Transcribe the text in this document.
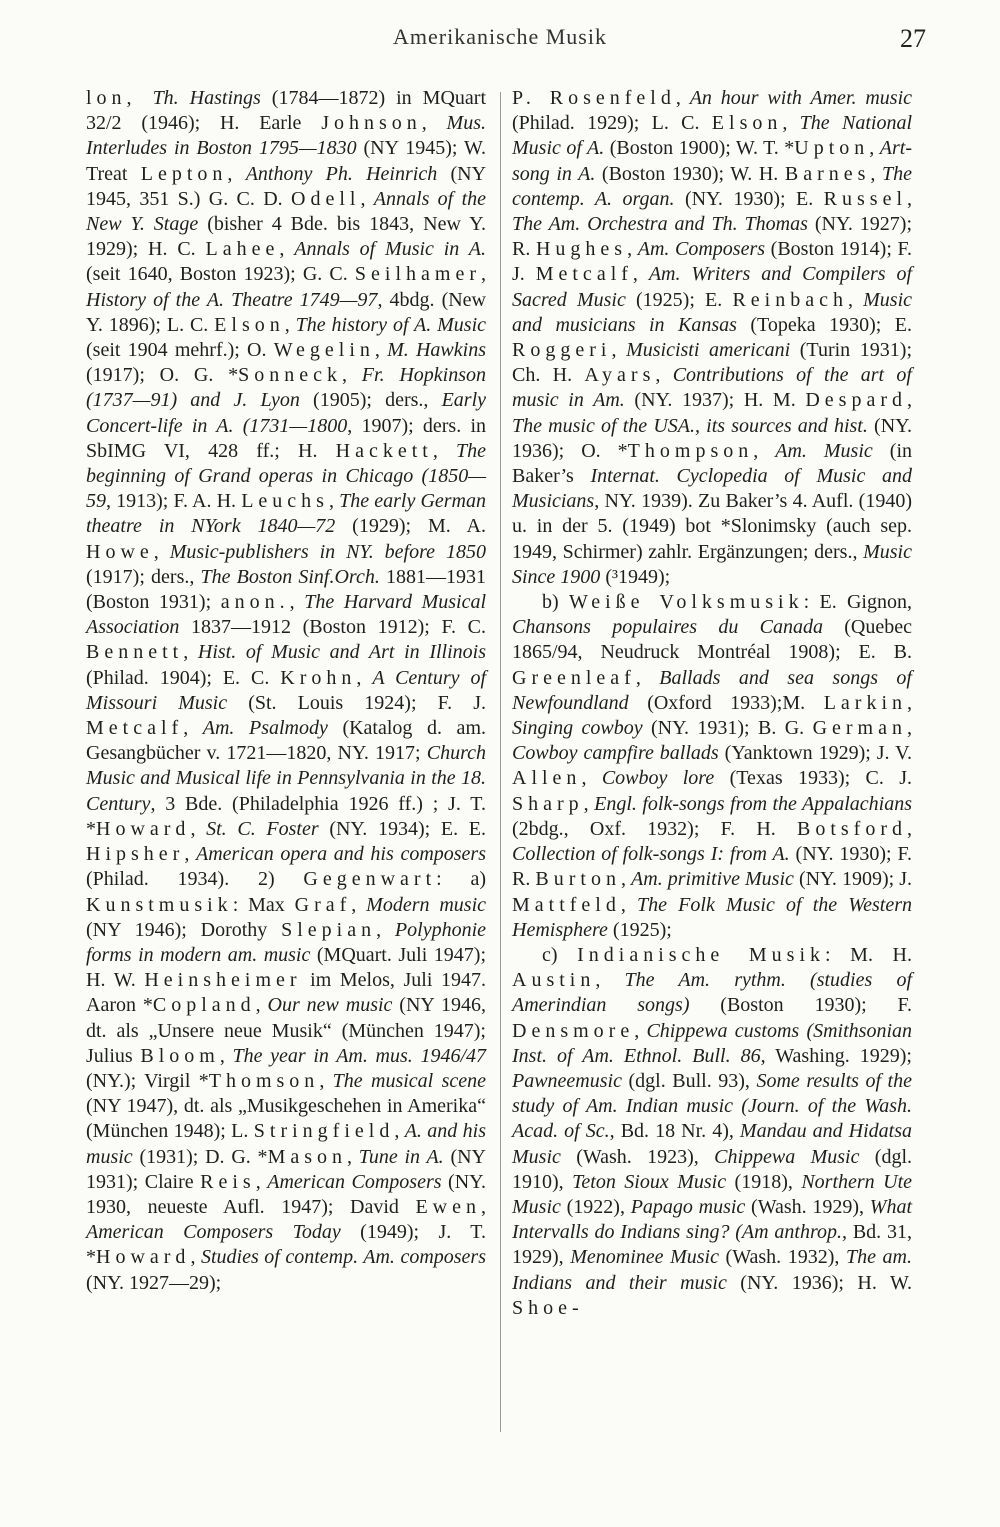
Amerikanische Musik	27

lon, Th. Hastings (1784—1872) in MQuart 32/2 (1946); H. Earle Johnson, Mus. Interludes in Boston 1795—1830 (NY 1945); W. Treat Lepton, Anthony Ph. Heinrich (NY 1945, 351 S.) G. C. D. Odell, Annals of the New Y. Stage (bisher 4 Bde. bis 1843, New Y. 1929); H. C. Lahee, Annals of Music in A. (seit 1640, Boston 1923); G. C. Seilhamer, History of the A. Theatre 1749—97, 4bdg. (New Y. 1896); L. C. Elson, The history of A. Music (seit 1904 mehrf.); O. Wegelin, M. Hawkins (1917); O. G. *Sonneck, Fr. Hopkinson (1737—91) and J. Lyon (1905); ders., Early Concert-life in A. (1731—1800, 1907); ders. in SbIMG VI, 428 ff.; H. Hackett, The beginning of Grand operas in Chicago (1850—59, 1913); F. A. H. Leuchs, The early German theatre in NYork 1840—72 (1929); M. A. Howe, Music-publishers in NY. before 1850 (1917); ders., The Boston Sinf.Orch. 1881—1931 (Boston 1931); anon., The Harvard Musical Association 1837—1912 (Boston 1912); F. C. Bennett, Hist. of Music and Art in Illinois (Philad. 1904); E. C. Krohn, A Century of Missouri Music (St. Louis 1924); F. J. Metcalf, Am. Psalmody (Katalog d. am. Gesangbücher v. 1721—1820, NY. 1917; Church Music and Musical life in Pennsylvania in the 18. Century, 3 Bde. (Philadelphia 1926 ff.) ; J. T. *Howard, St. C. Foster (NY. 1934); E. E. Hipsher, American opera and his composers (Philad. 1934). 2) Gegenwart: a) Kunstmusik: Max Graf, Modern music (NY 1946); Dorothy Slepian, Polyphonie forms in modern am. music (MQuart. Juli 1947); H. W. Heinsheimer im Melos, Juli 1947. Aaron *Copland, Our new music (NY 1946, dt. als „Unsere neue Musik“ (München 1947); Julius Bloom, The year in Am. mus. 1946/47 (NY.); Virgil *Thomson, The musical scene (NY 1947), dt. als „Musikgeschehen in Amerika“ (München 1948); L. Stringfield, A. and his music (1931); D. G. *Mason, Tune in A. (NY 1931); Claire Reis, American Composers (NY. 1930, neueste Aufl. 1947); David Ewen, American Composers Today (1949); J. T. *Howard, Studies of contemp. Am. composers (NY. 1927—29);

P. Rosenfeld, An hour with Amer. music (Philad. 1929); L. C. Elson, The National Music of A. (Boston 1900); W. T. *Upton, Art-song in A. (Boston 1930); W. H. Barnes, The contemp. A. organ. (NY. 1930); E. Russel, The Am. Orchestra and Th. Thomas (NY. 1927); R. Hughes, Am. Composers (Boston 1914); F. J. Metcalf, Am. Writers and Compilers of Sacred Music (1925); E. Reinbach, Music and musicians in Kansas (Topeka 1930); E. Roggeri, Musicisti americani (Turin 1931); Ch. H. Ayars, Contributions of the art of music in Am. (NY. 1937); H. M. Despard, The music of the USA., its sources and hist. (NY. 1936); O. *Thompson, Am. Music (in Baker’s Internat. Cyclopedia of Music and Musicians, NY. 1939). Zu Baker’s 4. Aufl. (1940) u. in der 5. (1949) bot *Slonimsky (auch sep. 1949, Schirmer) zahlr. Ergänzungen; ders., Music Since 1900 (³1949);

b) Weiße Volksmusik: E. Gignon, Chansons populaires du Canada (Quebec 1865/94, Neudruck Montréal 1908); E. B. Greenleaf, Ballads and sea songs of Newfoundland (Oxford 1933);M. Larkin, Singing cowboy (NY. 1931); B. G. German, Cowboy campfire ballads (Yanktown 1929); J. V. Allen, Cowboy lore (Texas 1933); C. J. Sharp, Engl. folk-songs from the Appalachians (2bdg., Oxf. 1932); F. H. Botsford, Collection of folk-songs I: from A. (NY. 1930); F. R. Burton, Am. primitive Music (NY. 1909); J. Mattfeld, The Folk Music of the Western Hemisphere (1925);

c) Indianische Musik: M. H. Austin, The Am. rythm. (studies of Amerindian songs) (Boston 1930); F. Densmore, Chippewa customs (Smithsonian Inst. of Am. Ethnol. Bull. 86, Washing. 1929); Pawneemusic (dgl. Bull. 93), Some results of the study of Am. Indian music (Journ. of the Wash. Acad. of Sc., Bd. 18 Nr. 4), Mandau and Hidatsa Music (Wash. 1923), Chippewa Music (dgl. 1910), Teton Sioux Music (1918), Northern Ute Music (1922), Papago music (Wash. 1929), What Intervalls do Indians sing? (Am anthrop., Bd. 31, 1929), Menominee Music (Wash. 1932), The am. Indians and their music (NY. 1936); H. W. Shoe-
